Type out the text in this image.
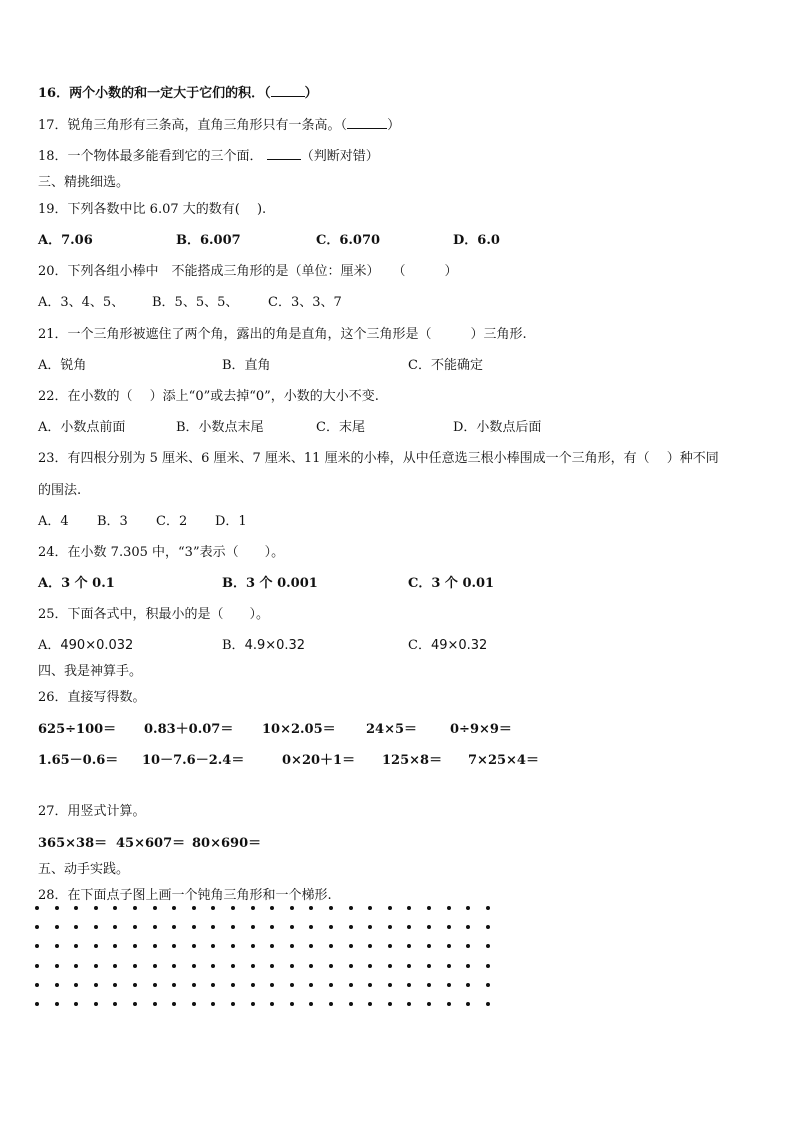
16．两个小数的和一定大于它们的积．（	）
17．锐角三角形有三条高，直角三角形只有一条高。（	）
18．一个物体最多能看到它的三个面．	（判断对错）
三、精挑细选。
19．下列各数中比 6.07 大的数有(　 ).
A．7.06	B．6.007	C．6.070	D．6.0
20．下列各组小棒中　不能搭成三角形的是（单位：厘米）　　（　　　）
A．3、4、5、 B．5、5、5、 C．3、3、7
21．一个三角形被遮住了两个角，露出的角是直角，这个三角形是（　　　）三角形.
A．锐角	B．直角	C．不能确定
22．在小数的（　 ）添上“0”或去掉“0”，小数的大小不变.
A．小数点前面	B．小数点末尾	C．末尾	D．小数点后面
23．有四根分别为 5 厘米、6 厘米、7 厘米、11 厘米的小棒，从中任意选三根小棒围成一个三角形，有（　 ）种不同
的围法.
A．4 B．3 C．2 D．1
24．在小数 7.305 中，“3”表示（　　）。
A．3 个 0.1	B．3 个 0.001	C．3 个 0.01
25．下面各式中，积最小的是（　　）。
A．490×0.032	B．4.9×0.32	C．49×0.32
四、我是神算手。
26．直接写得数。
625÷100＝ 0.83＋0.07＝ 10×2.05＝ 24×5＝	0÷9×9＝
1.65－0.6＝ 10－7.6－2.4＝	0×20＋1＝ 125×8＝ 7×25×4＝
27．用竖式计算。
365×38＝ 45×607＝ 80×690＝
五、动手实践。
28．在下面点子图上画一个钝角三角形和一个梯形.
